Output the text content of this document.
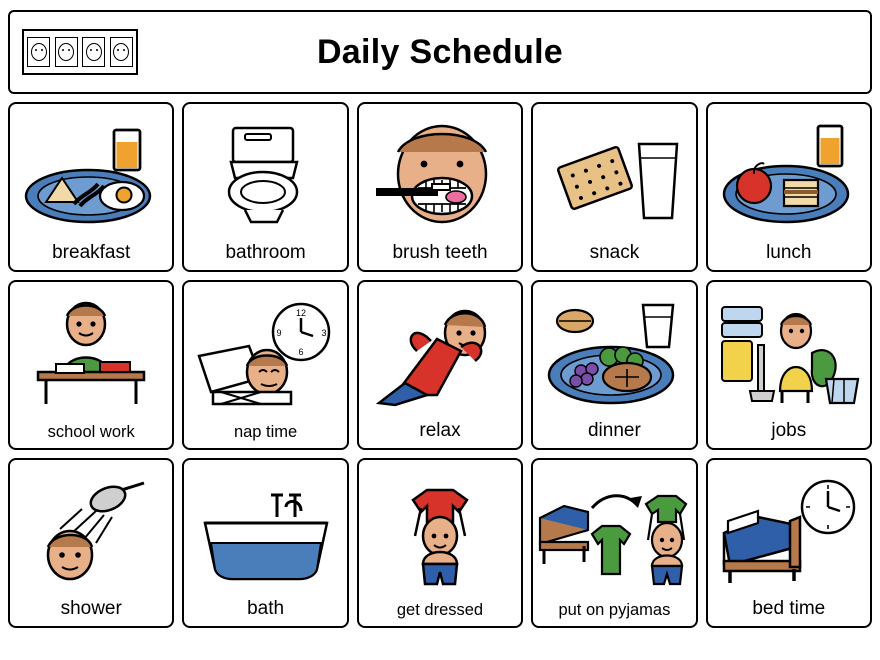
Daily Schedule
breakfast	bathroom	brush teeth	snack	lunch
school work
12
3
6
9
nap time	relax	dinner	jobs
shower	bath	get dressed	put on pyjamas	bed time
